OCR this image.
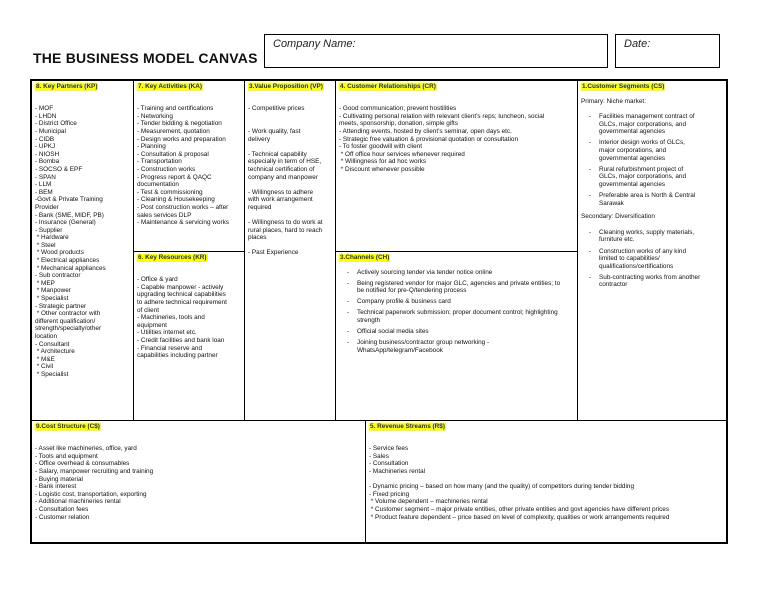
THE BUSINESS MODEL CANVAS
Company Name:	Date:
8. Key Partners (KP)
- MOF
- LHDN
- District Office
- Municipal
- CIDB
- UPKJ
- NIOSH
- Bomba
- SOCSO & EPF
- SPAN
- LLM
- BEM
-Govt & Private Training
Provider
- Bank (SME, MIDF, PB)
- Insurance (General)
- Supplier
* Hardware
* Steel
* Wood products
* Electrical appliances
* Mechanical appliances
- Sub contractor
* MEP
* Manpower
* Specialist
- Strategic partner
* Other contractor with
different qualification/
strength/specialty/other
location
- Consultant
* Architecture
* M&E
* Civil
* Specialist
7. Key Activities (KA)
- Training and certifications
- Networking
- Tender bidding & negotiation
- Measurement, quotation
- Design works and preparation
- Planning
- Consultation & proposal
- Transportation
- Construction works
- Progress report & QAQC
documentation
- Test & commissioning
- Cleaning & Housekeeping
- Post construction works – after
sales services DLP
- Maintenance & servicing works
6. Key Resources (KR)
- Office & yard
- Capable manpower - actively
upgrading technical capabilities
to adhere technical requirement
of client
- Machineries, tools and
equipment
- Utilities internet etc.
- Credit facilities and bank loan
- Financial reserve and
capabilities including partner
3.Value Proposition (VP)
- Competitive prices
- Work quality, fast
delivery
- Technical capability
especially in term of HSE,
technical certification of
company and manpower
- Willingness to adhere
with work arrangement
required
- Willingness to do work at
rural places, hard to reach
places
- Past Experience
4. Customer Relationships (CR)
- Good communication; prevent hostilities
- Cultivating personal relation with relevant client’s reps; luncheon, social
meets, sponsorship, donation, simple gifts
- Attending events, hosted by client’s seminar, open days etc.
- Strategic free valuation & provisional quotation or consultation
- To foster goodwill with client
* Off office hour services whenever required
* Willingness for ad hoc works
* Discount whenever possible
3.Channels (CH)
-	Actively sourcing tender via tender notice online
-	Being registered vendor for major GLC, agencies and private entities; to be notified for pre-Q/tendering process
-	Company profile & business card
-	Technical paperwork submission; proper document control; highlighting strength
-	Official social media sites
-	Joining business/contractor group networking - WhatsApp/telegram/Facebook
1.Customer Segments (CS)
Primary: Niche market:
-	Facilities management contract of GLCs, major corporations, and governmental agencies
-	Interior design works of GLCs, major corporations, and governmental agencies
-	Rural refurbishment project of GLCs, major corporations, and governmental agencies
-	Preferable area is North & Central Sarawak
Secondary: Diversification
-	Cleaning works, supply materials, furniture etc.
-	Construction works of any kind limited to capabilities/ qualifications/certifications
-	Sub-contracting works from another contractor
9.Cost Structure (C$)
- Asset like machineries, office, yard
- Tools and equipment
- Office overhead & consumables
- Salary, manpower recruiting and training
- Buying material
- Bank interest
- Logistic cost, transportation, exporting
- Additional machineries rental
- Consultation fees
- Customer relation
5. Revenue Streams (R$)
- Service fees
- Sales
- Consultation
- Machineries rental
- Dynamic pricing – based on how many (and the quality) of competitors during tender bidding
- Fixed pricing
* Volume dependent – machineries rental
* Customer segment – major private entities, other private entities and govt agencies have different prices
* Product feature dependent – price based on level of complexity, qualities or work arrangements required
